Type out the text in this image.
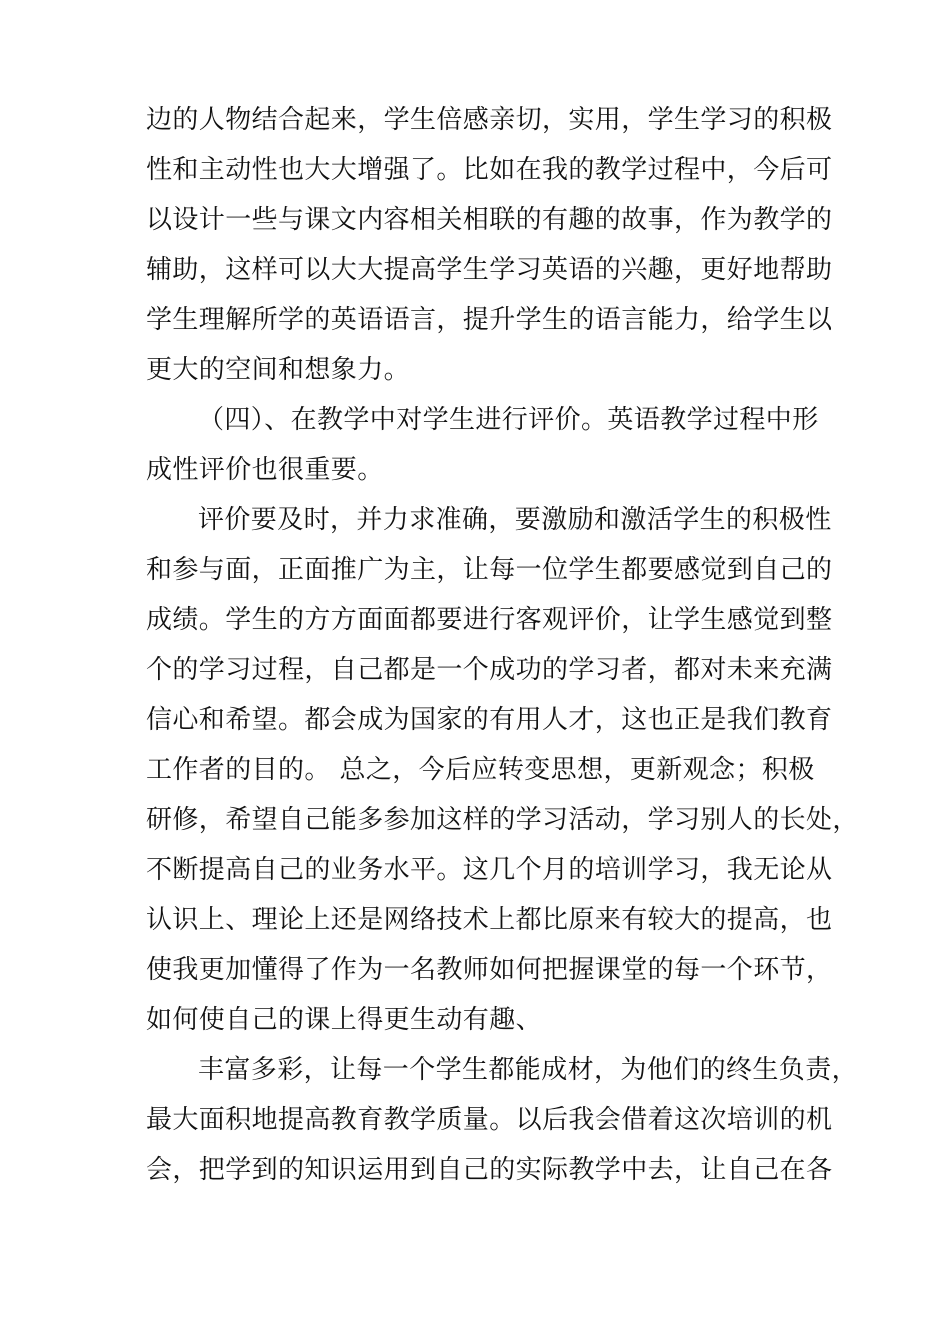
边的人物结合起来，学生倍感亲切，实用，学生学习的积极
性和主动性也大大增强了。比如在我的教学过程中，今后可
以设计一些与课文内容相关相联的有趣的故事，作为教学的
辅助，这样可以大大提高学生学习英语的兴趣，更好地帮助
学生理解所学的英语语言，提升学生的语言能力，给学生以
更大的空间和想象力。
（四）、在教学中对学生进行评价。英语教学过程中形
成性评价也很重要。
评价要及时，并力求准确，要激励和激活学生的积极性
和参与面，正面推广为主，让每一位学生都要感觉到自己的
成绩。学生的方方面面都要进行客观评价，让学生感觉到整
个的学习过程，自己都是一个成功的学习者，都对未来充满
信心和希望。都会成为国家的有用人才，这也正是我们教育
工作者的目的。 总之，今后应转变思想，更新观念；积极
研修，希望自己能多参加这样的学习活动，学习别人的长处，
不断提高自己的业务水平。这几个月的培训学习，我无论从
认识上、理论上还是网络技术上都比原来有较大的提高，也
使我更加懂得了作为一名教师如何把握课堂的每一个环节，
如何使自己的课上得更生动有趣、
丰富多彩，让每一个学生都能成材，为他们的终生负责，
最大面积地提高教育教学质量。以后我会借着这次培训的机
会，把学到的知识运用到自己的实际教学中去，让自己在各
